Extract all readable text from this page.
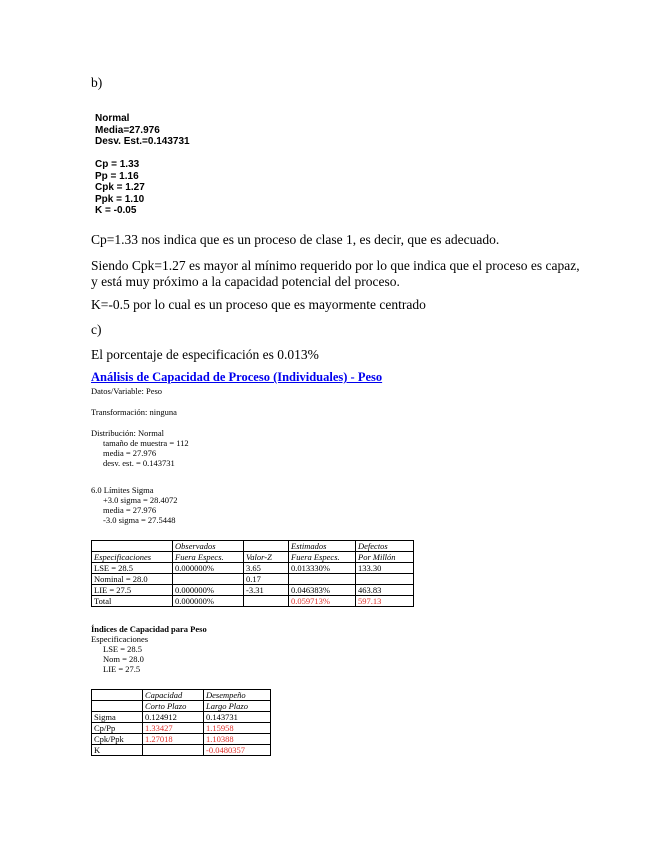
b)
Normal
Media=27.976
Desv. Est.=0.143731
Cp = 1.33
Pp = 1.16
Cpk = 1.27
Ppk = 1.10
K = -0.05
Cp=1.33 nos indica que es un proceso de clase 1, es decir, que es adecuado.
Siendo Cpk=1.27 es mayor al mínimo requerido por lo que indica que el proceso es capaz,
y está muy próximo a la capacidad potencial del proceso.
K=-0.5 por lo cual es un proceso que es mayormente centrado
c)
El porcentaje de especificación es 0.013%
Análisis de Capacidad de Proceso (Individuales) - Peso
Datos/Variable: Peso
Transformación: ninguna
Distribución: Normal
tamaño de muestra = 112
media = 27.976
desv. est. = 0.143731
6.0 Límites Sigma
+3.0 sigma = 28.4072
media = 27.976
-3.0 sigma = 27.5448
	Observados		Estimados	Defectos
Especificaciones	Fuera Especs.	Valor-Z	Fuera Especs.	Por Millón
LSE = 28.5	0.000000%	3.65	0.013330%	133.30
Nominal = 28.0		0.17		
LIE = 27.5	0.000000%	-3.31	0.046383%	463.83
Total	0.000000%		0.059713%	597.13
Índices de Capacidad para Peso
Especificaciones
LSE = 28.5
Nom = 28.0
LIE = 27.5
	Capacidad	Desempeño
	Corto Plazo	Largo Plazo
Sigma	0.124912	0.143731
Cp/Pp	1.33427	1.15958
Cpk/Ppk	1.27018	1.10388
K		-0.0480357
